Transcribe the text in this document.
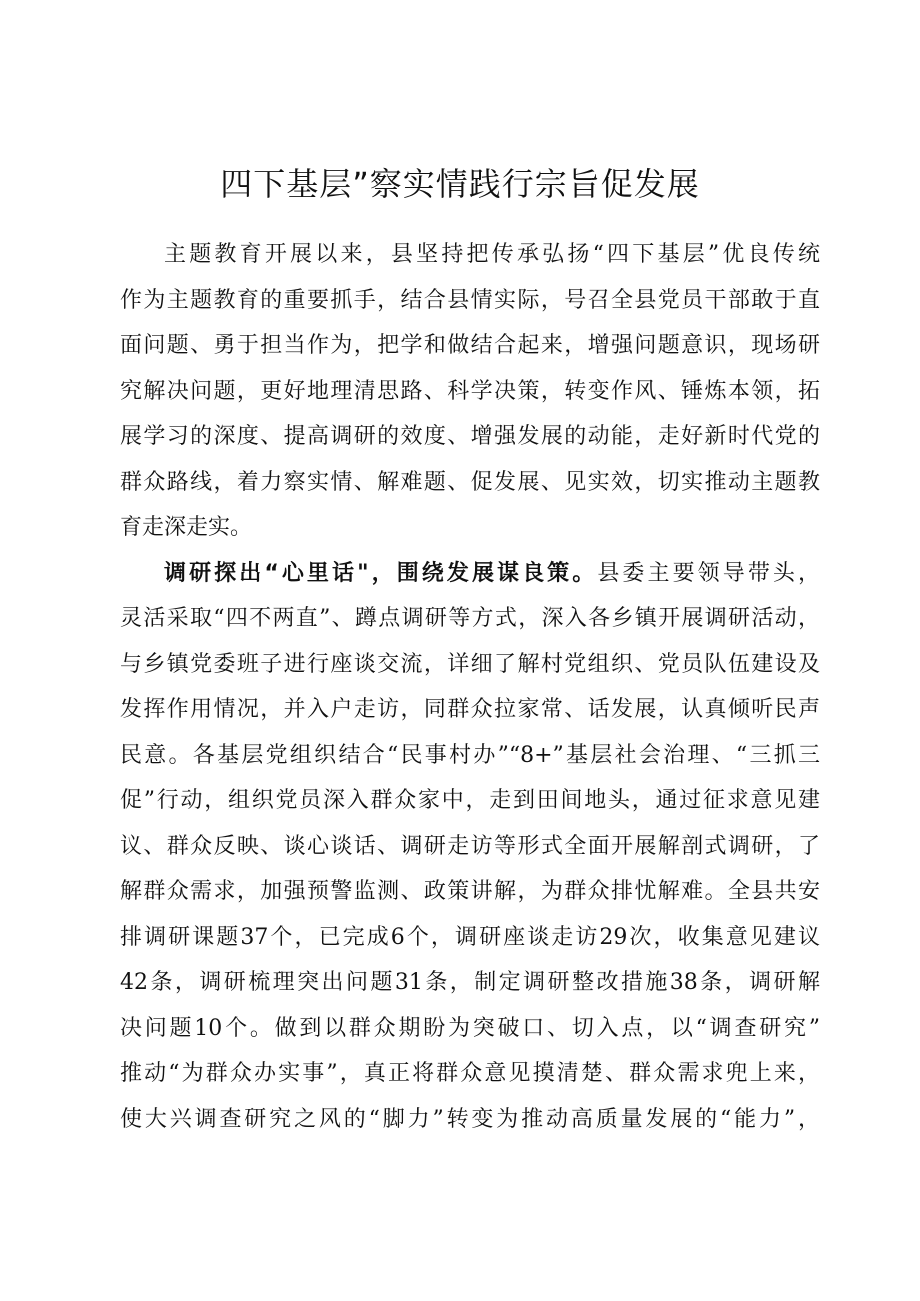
四下基层”察实情践行宗旨促发展
主题教育开展以来，县坚持把传承弘扬“四下基层”优良传统
作为主题教育的重要抓手，结合县情实际，号召全县党员干部敢于直
面问题、勇于担当作为，把学和做结合起来，增强问题意识，现场研
究解决问题，更好地理清思路、科学决策，转变作风、锤炼本领，拓
展学习的深度、提高调研的效度、增强发展的动能，走好新时代党的
群众路线，着力察实情、解难题、促发展、见实效，切实推动主题教
育走深走实。
调研探出“心里话"，围绕发展谋良策。县委主要领导带头，
灵活采取“四不两直”、蹲点调研等方式，深入各乡镇开展调研活动，
与乡镇党委班子进行座谈交流，详细了解村党组织、党员队伍建设及
发挥作用情况，并入户走访，同群众拉家常、话发展，认真倾听民声
民意。各基层党组织结合“民事村办”“8+”基层社会治理、“三抓三
促”行动，组织党员深入群众家中，走到田间地头，通过征求意见建
议、群众反映、谈心谈话、调研走访等形式全面开展解剖式调研，了
解群众需求，加强预警监测、政策讲解，为群众排忧解难。全县共安
排调研课题37个，已完成6个，调研座谈走访29次，收集意见建议
42条，调研梳理突出问题31条，制定调研整改措施38条，调研解
决问题10个。做到以群众期盼为突破口、切入点，以“调查研究”
推动“为群众办实事”，真正将群众意见摸清楚、群众需求兜上来，
使大兴调查研究之风的“脚力”转变为推动高质量发展的“能力”，
